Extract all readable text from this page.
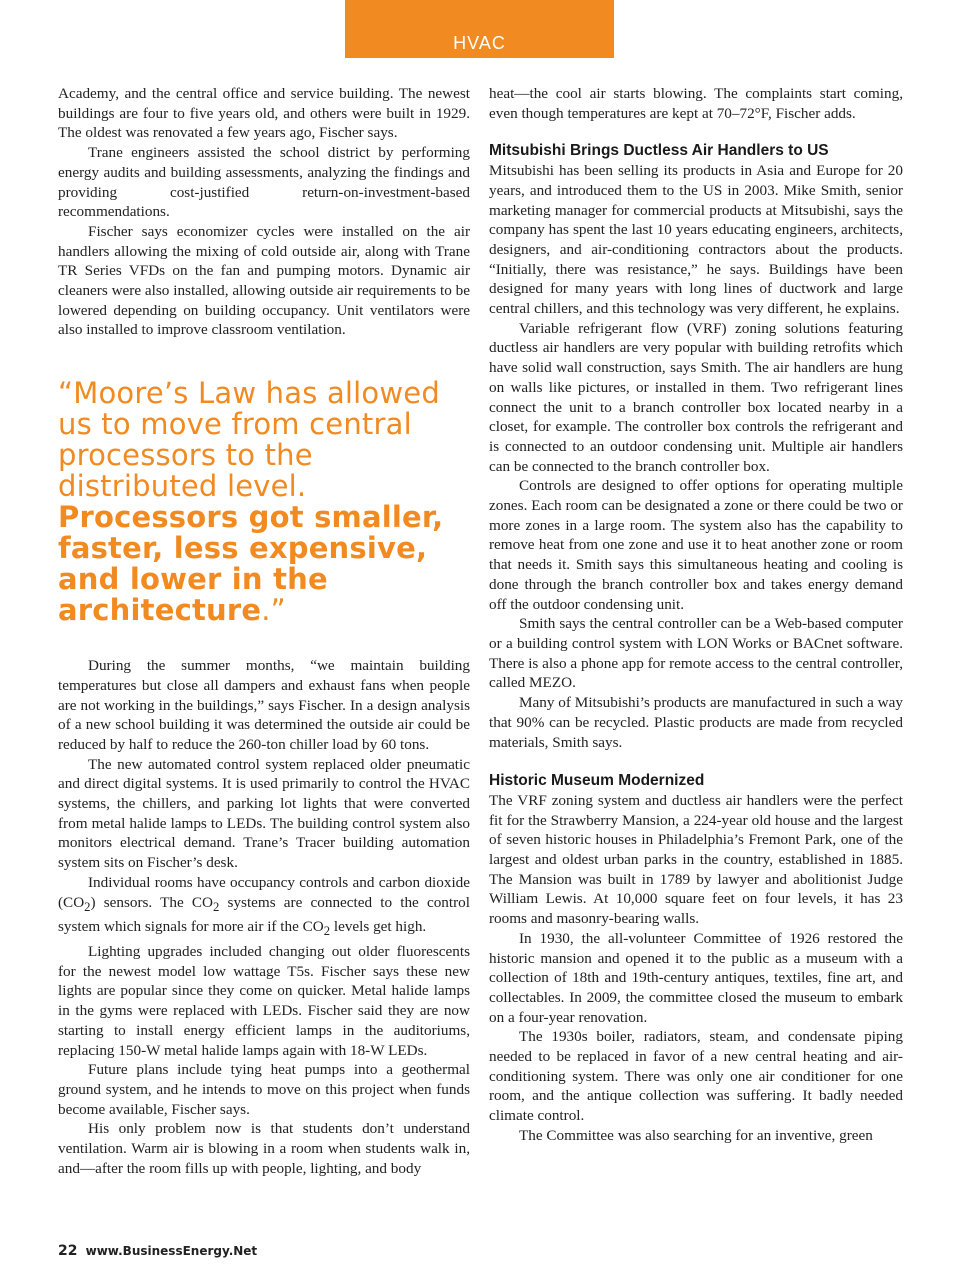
HVAC

Academy, and the central office and service building. The newest buildings are four to five years old, and others were built in 1929. The oldest was renovated a few years ago, Fischer says.

Trane engineers assisted the school district by performing energy audits and building assessments, analyzing the findings and providing cost-justified return-on-investment-based recommendations.

Fischer says economizer cycles were installed on the air handlers allowing the mixing of cold outside air, along with Trane TR Series VFDs on the fan and pumping motors. Dynamic air cleaners were also installed, allowing outside air requirements to be lowered depending on building occupancy. Unit ventilators were also installed to improve classroom ventilation.

“Moore’s Law has allowed us to move from central processors to the distributed level. Processors got smaller, faster, less expensive, and lower in the architecture.”

During the summer months, “we maintain building temperatures but close all dampers and exhaust fans when people are not working in the buildings,” says Fischer. In a design analysis of a new school building it was determined the outside air could be reduced by half to reduce the 260-ton chiller load by 60 tons.

The new automated control system replaced older pneumatic and direct digital systems. It is used primarily to control the HVAC systems, the chillers, and parking lot lights that were converted from metal halide lamps to LEDs. The building control system also monitors electrical demand. Trane’s Tracer building automation system sits on Fischer’s desk.

Individual rooms have occupancy controls and carbon dioxide $(CO_2)$ sensors. The $CO_2$ systems are connected to the control system which signals for more air if the $CO_2$ levels get high.

Lighting upgrades included changing out older fluorescents for the newest model low wattage T5s. Fischer says these new lights are popular since they come on quicker. Metal halide lamps in the gyms were replaced with LEDs. Fischer said they are now starting to install energy efficient lamps in the auditoriums, replacing 150-W metal halide lamps again with 18-W LEDs.

Future plans include tying heat pumps into a geothermal ground system, and he intends to move on this project when funds become available, Fischer says.

His only problem now is that students don’t understand ventilation. Warm air is blowing in a room when students walk in, and—after the room fills up with people, lighting, and body

heat—the cool air starts blowing. The complaints start coming, even though temperatures are kept at 70–72°F, Fischer adds.

Mitsubishi Brings Ductless Air Handlers to US

Mitsubishi has been selling its products in Asia and Europe for 20 years, and introduced them to the US in 2003. Mike Smith, senior marketing manager for commercial products at Mitsubishi, says the company has spent the last 10 years educating engineers, architects, designers, and air-conditioning contractors about the products. “Initially, there was resistance,” he says. Buildings have been designed for many years with long lines of ductwork and large central chillers, and this technology was very different, he explains.

Variable refrigerant flow (VRF) zoning solutions featuring ductless air handlers are very popular with building retrofits which have solid wall construction, says Smith. The air handlers are hung on walls like pictures, or installed in them. Two refrigerant lines connect the unit to a branch controller box located nearby in a closet, for example. The controller box controls the refrigerant and is connected to an outdoor condensing unit. Multiple air handlers can be connected to the branch controller box.

Controls are designed to offer options for operating multiple zones. Each room can be designated a zone or there could be two or more zones in a large room. The system also has the capability to remove heat from one zone and use it to heat another zone or room that needs it. Smith says this simultaneous heating and cooling is done through the branch controller box and takes energy demand off the outdoor condensing unit.

Smith says the central controller can be a Web-based computer or a building control system with LON Works or BACnet software. There is also a phone app for remote access to the central controller, called MEZO.

Many of Mitsubishi’s products are manufactured in such a way that 90% can be recycled. Plastic products are made from recycled materials, Smith says.

Historic Museum Modernized

The VRF zoning system and ductless air handlers were the perfect fit for the Strawberry Mansion, a 224-year old house and the largest of seven historic houses in Philadelphia’s Fremont Park, one of the largest and oldest urban parks in the country, established in 1885. The Mansion was built in 1789 by lawyer and abolitionist Judge William Lewis. At 10,000 square feet on four levels, it has 23 rooms and masonry-bearing walls.

In 1930, the all-volunteer Committee of 1926 restored the historic mansion and opened it to the public as a museum with a collection of 18th and 19th-century antiques, textiles, fine art, and collectables. In 2009, the committee closed the museum to embark on a four-year renovation.

The 1930s boiler, radiators, steam, and condensate piping needed to be replaced in favor of a new central heating and air-conditioning system. There was only one air conditioner for one room, and the antique collection was suffering. It badly needed climate control.

The Committee was also searching for an inventive, green

22 www.BusinessEnergy.Net
